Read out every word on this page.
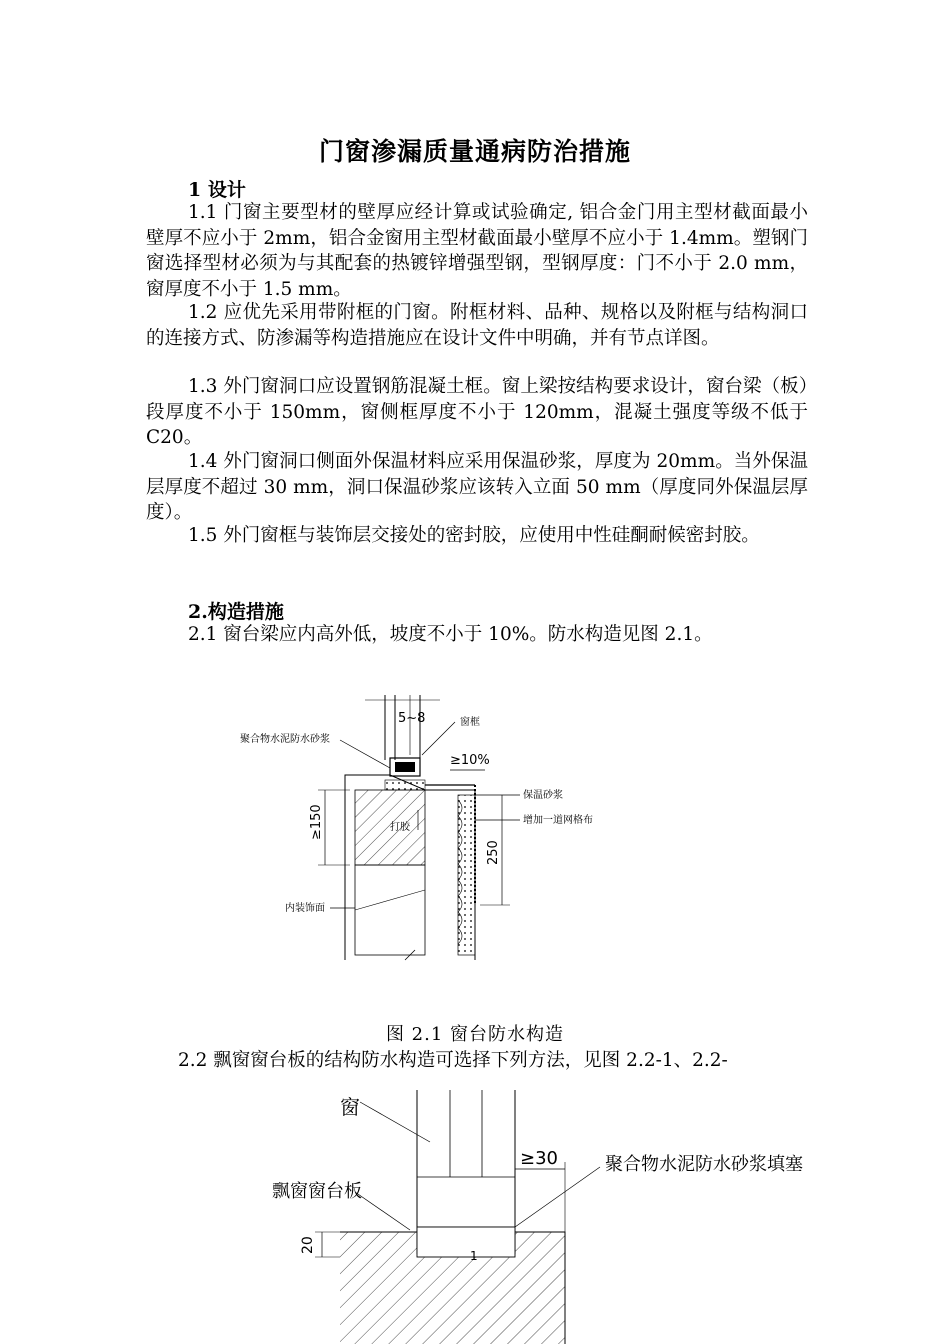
门窗渗漏质量通病防治措施
1 设计
1.1 门窗主要型材的壁厚应经计算或试验确定, 铝合金门用主型材截面最小壁厚不应小于 2mm，铝合金窗用主型材截面最小壁厚不应小于 1.4mm。塑钢门窗选择型材必须为与其配套的热镀锌增强型钢，型钢厚度：门不小于 2.0 mm，窗厚度不小于 1.5 mm。
1.2 应优先采用带附框的门窗。附框材料、品种、规格以及附框与结构洞口的连接方式、防渗漏等构造措施应在设计文件中明确，并有节点详图。
1.3 外门窗洞口应设置钢筋混凝土框。窗上梁按结构要求设计，窗台梁（板）段厚度不小于 150mm，窗侧框厚度不小于 120mm，混凝土强度等级不低于 C20。
1.4 外门窗洞口侧面外保温材料应采用保温砂浆，厚度为 20mm。当外保温层厚度不超过 30 mm，洞口保温砂浆应该转入立面 50 mm（厚度同外保温层厚度）。
1.5 外门窗框与装饰层交接处的密封胶，应使用中性硅酮耐候密封胶。
2.构造措施
2.1 窗台梁应内高外低，坡度不小于 10%。防水构造见图 2.1。
聚合物水泥防水砂浆
窗框
≥10%
5~8
保温砂浆
增加一道网格布
≥150
250
打胶
内装饰面
图 2.1 窗台防水构造
2.2 飘窗窗台板的结构防水构造可选择下列方法，见图 2.2-1、2.2-
窗
≥30	聚合物水泥防水砂浆填塞
飘窗窗台板
20
1
